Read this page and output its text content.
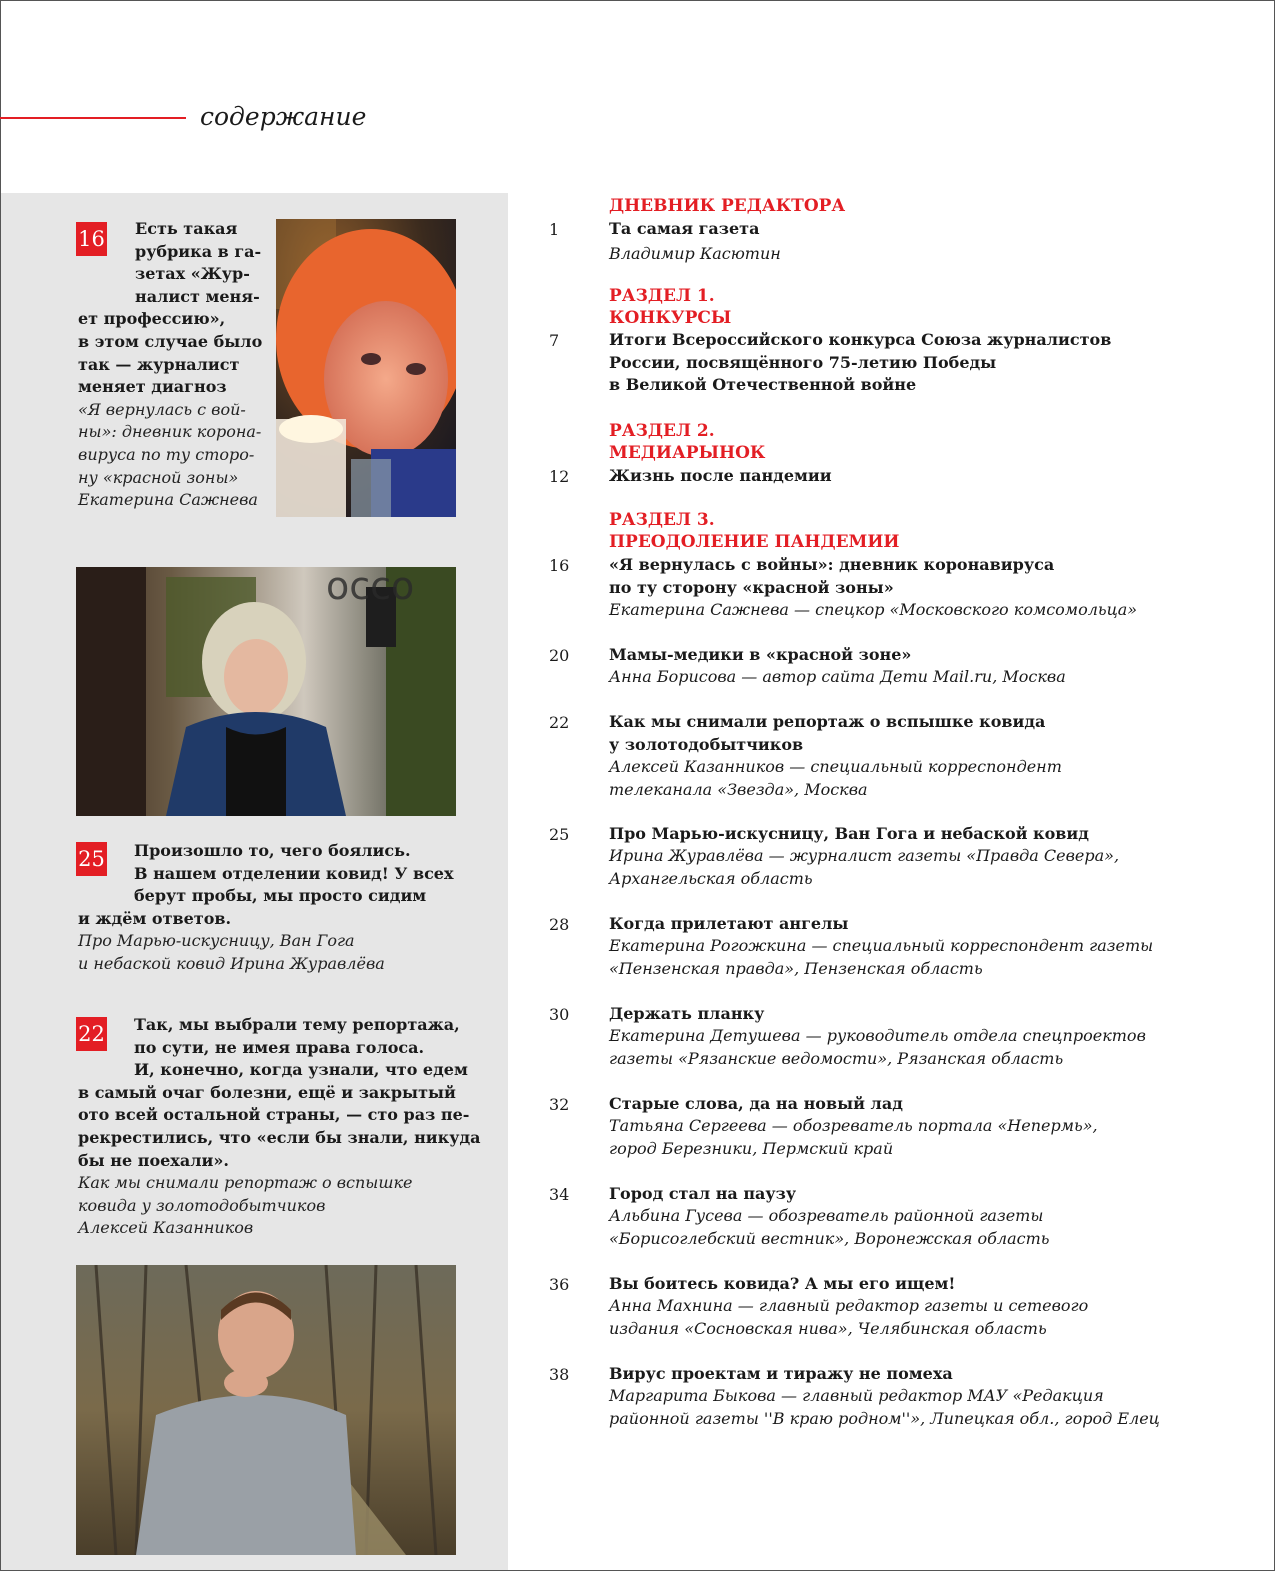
содержание
16	Есть такая
рубрика в га-
зетах «Жур-
налист меня-
ет профессию»,
в этом случае было
так — журналист
меняет диагноз
«Я вернулась с вой-
ны»: дневник корона-
вируса по ту сторо-
ну «красной зоны»
Екатерина Сажнева
occo
25	Произошло то, чего боялись.
В нашем отделении ковид! У всех
берут пробы, мы просто сидим
и ждём ответов.
Про Марью-искусницу, Ван Гога
и небаской ковид Ирина Журавлёва
22	Так, мы выбрали тему репортажа,
по сути, не имея права голоса.
И, конечно, когда узнали, что едем
в самый очаг болезни, ещё и закрытый
ото всей остальной страны, — сто раз пе-
рекрестились, что «если бы знали, никуда
бы не поехали».
Как мы снимали репортаж о вспышке
ковида у золотодобытчиков
Алексей Казанников
ДНЕВНИК РЕДАКТОРА
РАЗДЕЛ 1.
КОНКУРСЫ
РАЗДЕЛ 2.
МЕДИАРЫНОК
РАЗДЕЛ 3.
ПРЕОДОЛЕНИЕ ПАНДЕМИИ
1	Та самая газета
Владимир Касютин
7	Итоги Всероссийского конкурса Союза журналистов
России, посвящённого 75-летию Победы
в Великой Отечественной войне
12 Жизнь после пандемии
16 «Я вернулась с войны»: дневник коронавируса
по ту сторону «красной зоны»
Екатерина Сажнева — спецкор «Московского комсомольца»
20 Мамы-медики в «красной зоне»
Анна Борисова — автор сайта Дети Mail.ru, Москва
22 Как мы снимали репортаж о вспышке ковида
у золотодобытчиков
Алексей Казанников — специальный корреспондент
телеканала «Звезда», Москва
25 Про Марью-искусницу, Ван Гога и небаской ковид
Ирина Журавлёва — журналист газеты «Правда Севера»,
Архангельская область
28 Когда прилетают ангелы
Екатерина Рогожкина — специальный корреспондент газеты
«Пензенская правда», Пензенская область
30 Держать планку
Екатерина Детушева — руководитель отдела спецпроектов
газеты «Рязанские ведомости», Рязанская область
32 Старые слова, да на новый лад
Татьяна Сергеева — обозреватель портала «Непермь»,
город Березники, Пермский край
34 Город стал на паузу
Альбина Гусева — обозреватель районной газеты
«Борисоглебский вестник», Воронежская область
36 Вы боитесь ковида? А мы его ищем!
Анна Махнина — главный редактор газеты и сетевого
издания «Сосновская нива», Челябинская область
38 Вирус проектам и тиражу не помеха
Маргарита Быкова — главный редактор МАУ «Редакция
районной газеты ''В краю родном''», Липецкая обл., город Елец
